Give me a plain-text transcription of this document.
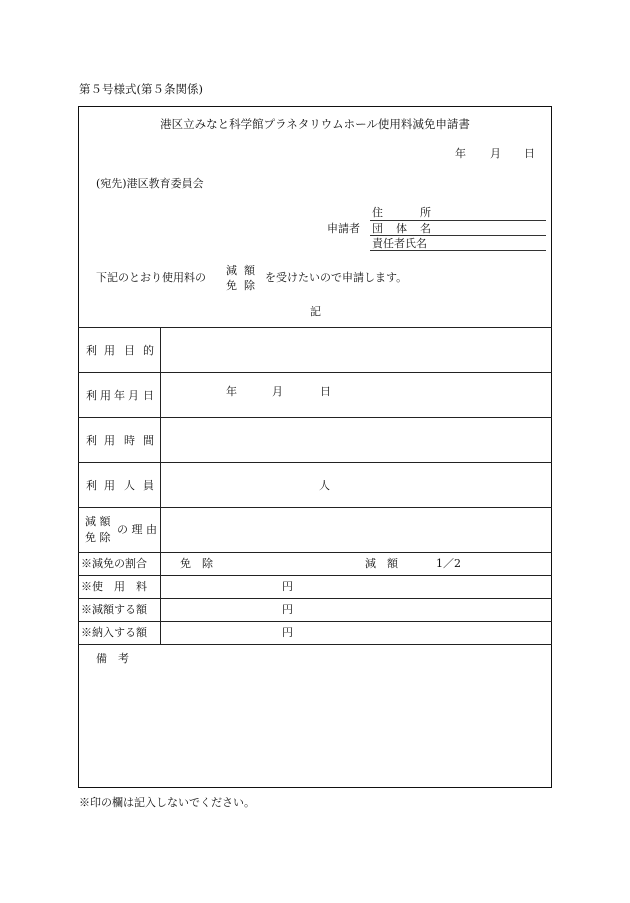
第５号様式(第５条関係)
港区立みなと科学館プラネタリウムホール使用料減免申請書
年 月 日
(宛先)港区教育委員会
申請者
住	所
団 体 名
責任者氏名
下記のとおり使用料の
減 額
免 除
を受けたいので申請します。
記
利 用 目 的
利 用 年 月 日	年	月	日
利 用 時 間
利 用 人 員	人
減 額
免 除
の 理 由
※減免の割合	免　除	減　額	1／2
※使　用　料	円
※減額する額	円
※納入する額	円
備　考
※印の欄は記入しないでください。
